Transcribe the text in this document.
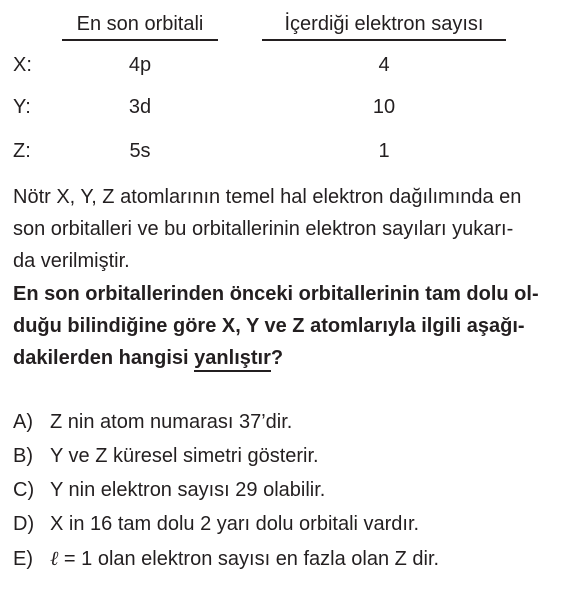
En son orbitali	İçerdiği elektron sayısı
X:	4p	4
Y:	3d	10
Z:	5s	1
Nötr X, Y, Z atomlarının temel hal elektron dağılımında en
son orbitalleri ve bu orbitallerinin elektron sayıları yukarı-
da verilmiştir.
En son orbitallerinden önceki orbitallerinin tam dolu ol-
duğu bilindiğine göre X, Y ve Z atomlarıyla ilgili aşağı-
dakilerden hangisi yanlıştır?
A) Z nin atom numarası 37’dir.
B) Y ve Z küresel simetri gösterir.
C) Y nin elektron sayısı 29 olabilir.
D) X in 16 tam dolu 2 yarı dolu orbitali vardır.
E) ℓ = 1 olan elektron sayısı en fazla olan Z dir.
